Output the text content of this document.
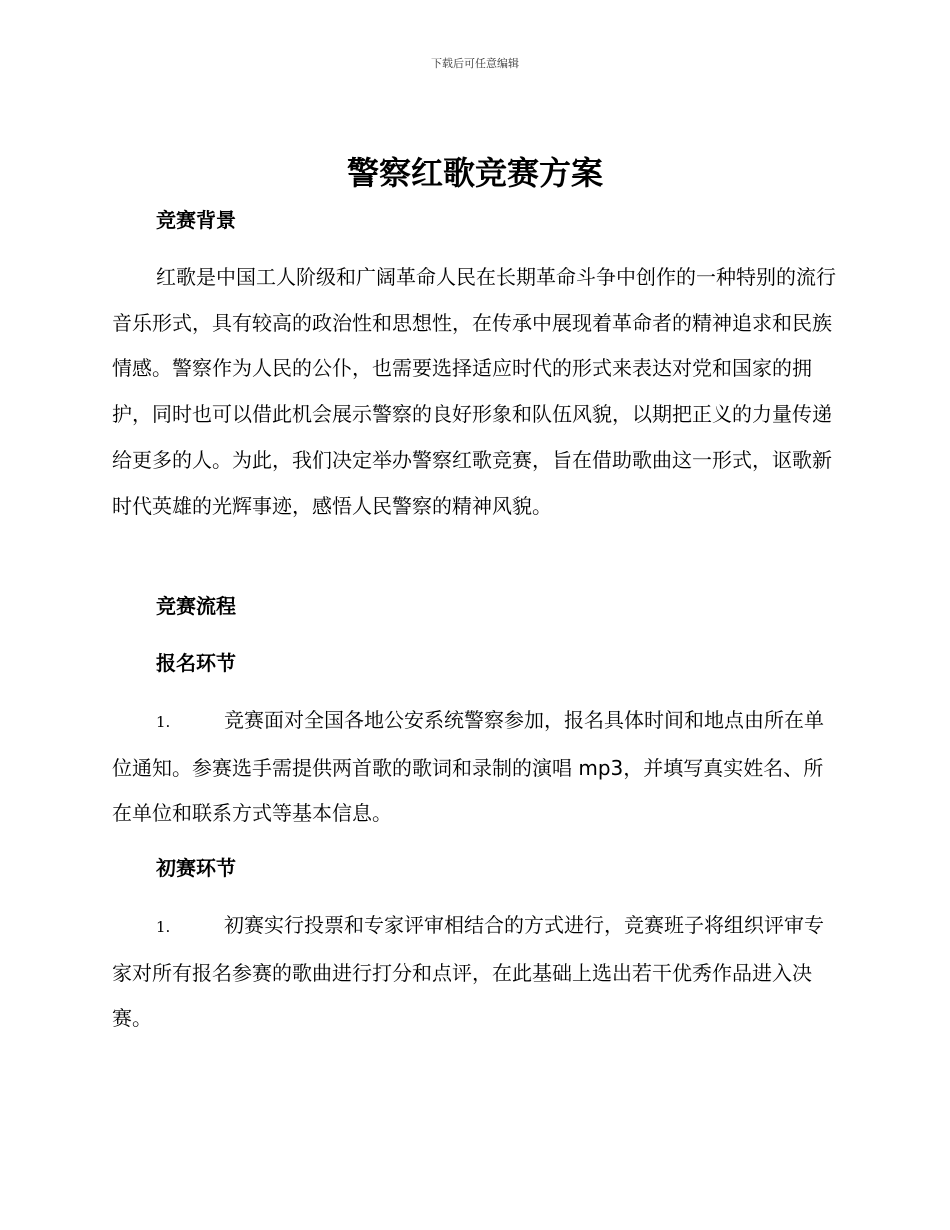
下载后可任意编辑
警察红歌竞赛方案
竞赛背景
红歌是中国工人阶级和广阔革命人民在长期革命斗争中创作的一种特别的流行音乐形式，具有较高的政治性和思想性，在传承中展现着革命者的精神追求和民族情感。警察作为人民的公仆，也需要选择适应时代的形式来表达对党和国家的拥护，同时也可以借此机会展示警察的良好形象和队伍风貌，以期把正义的力量传递给更多的人。为此，我们决定举办警察红歌竞赛，旨在借助歌曲这一形式，讴歌新时代英雄的光辉事迹，感悟人民警察的精神风貌。
竞赛流程
报名环节
1.	竞赛面对全国各地公安系统警察参加，报名具体时间和地点由所在单位通知。参赛选手需提供两首歌的歌词和录制的演唱 mp3，并填写真实姓名、所在单位和联系方式等基本信息。
初赛环节
1.	初赛实行投票和专家评审相结合的方式进行，竞赛班子将组织评审专家对所有报名参赛的歌曲进行打分和点评，在此基础上选出若干优秀作品进入决赛。
